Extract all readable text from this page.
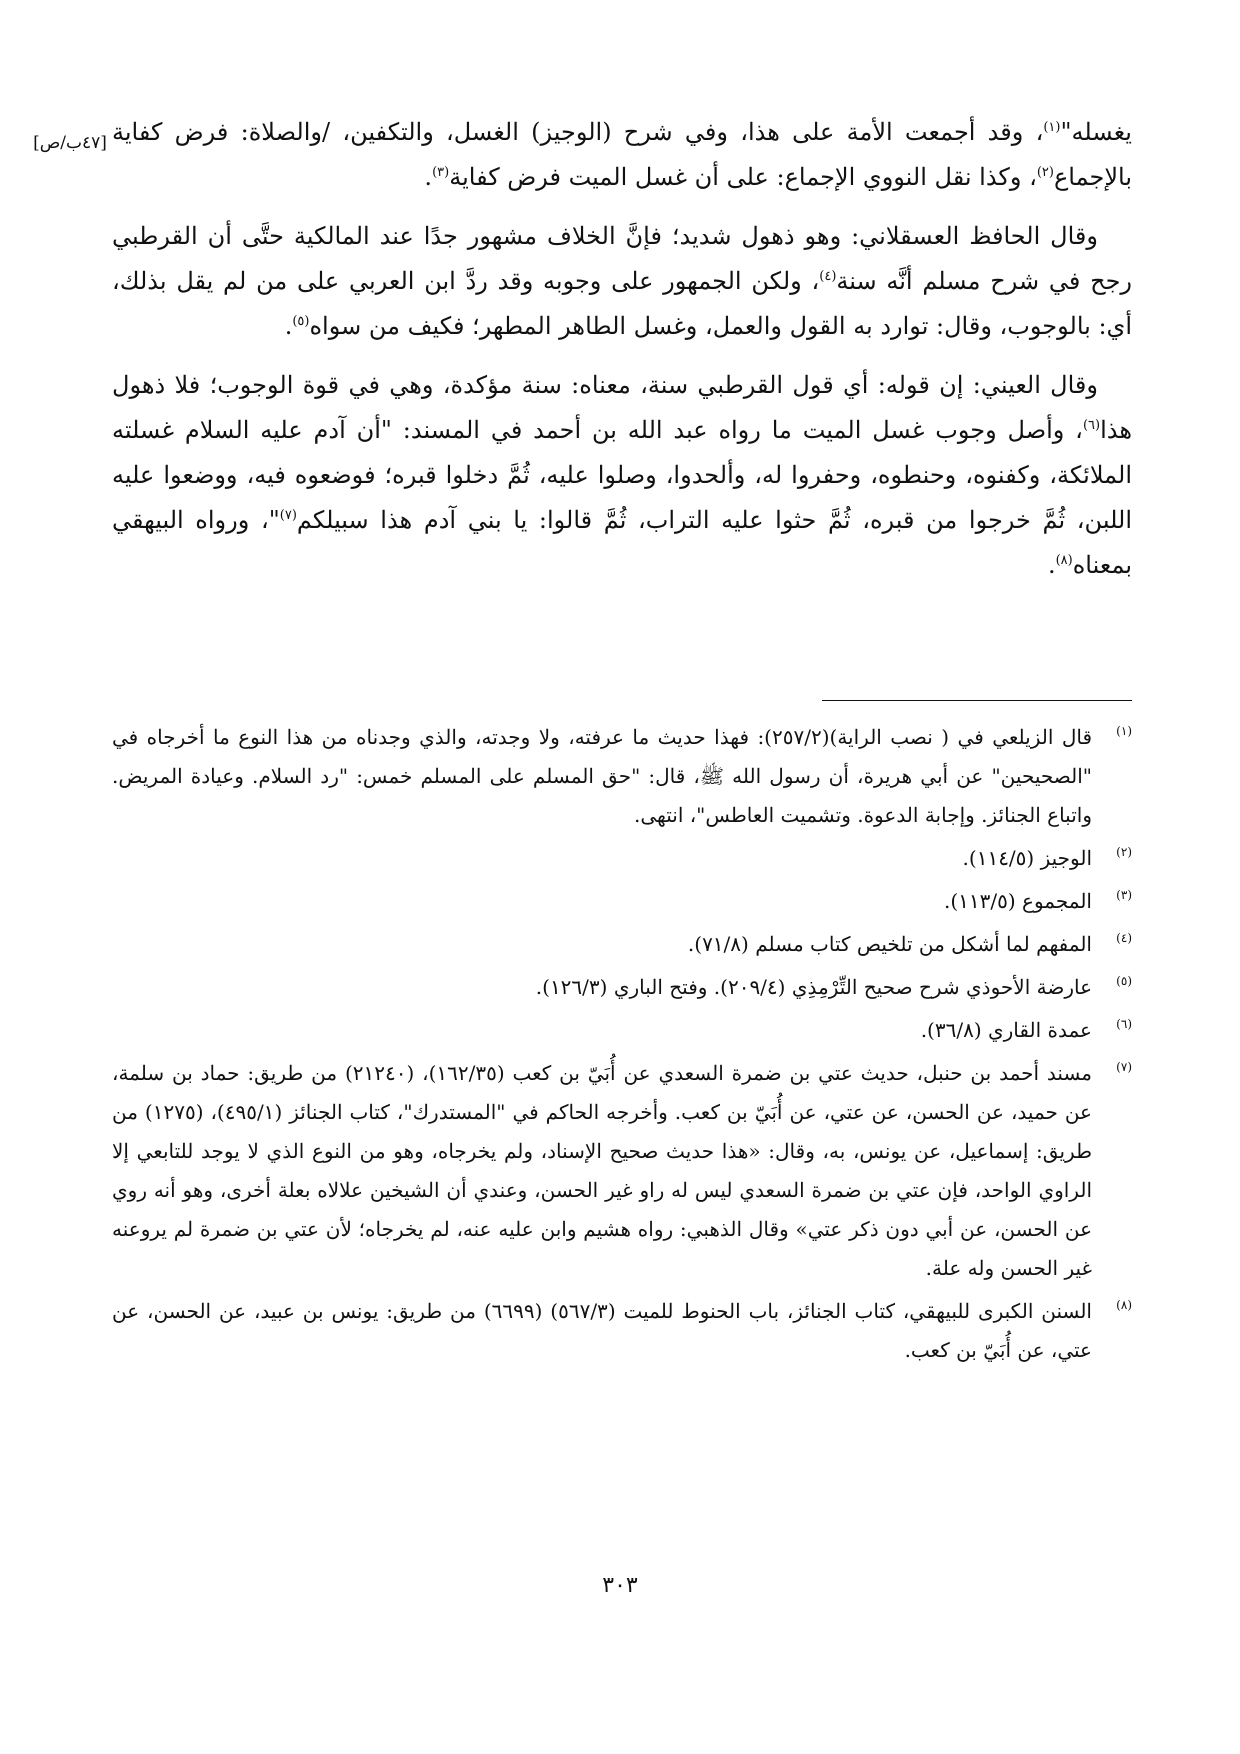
[٤٧ب/ص]	يغسله"$^{(١)}$، وقد أجمعت الأمة على هذا، وفي شرح (الوجيز) الغسل، والتكفين، /والصلاة: فرض كفاية بالإجماع$^{(٢)}$، وكذا نقل النووي الإجماع: على أن غسل الميت فرض كفاية$^{(٣)}$.

وقال الحافظ العسقلاني: وهو ذهول شديد؛ فإنَّ الخلاف مشهور جدًا عند المالكية حتَّى أن القرطبي رجح في شرح مسلم أنَّه سنة$^{(٤)}$، ولكن الجمهور على وجوبه وقد ردَّ ابن العربي على من لم يقل بذلك، أي: بالوجوب، وقال: توارد به القول والعمل، وغسل الطاهر المطهر؛ فكيف من سواه$^{(٥)}$.

وقال العيني: إن قوله: أي قول القرطبي سنة، معناه: سنة مؤكدة، وهي في قوة الوجوب؛ فلا ذهول هذا$^{(٦)}$، وأصل وجوب غسل الميت ما رواه عبد الله بن أحمد في المسند: "أن آدم عليه السلام غسلته الملائكة، وكفنوه، وحنطوه، وحفروا له، وألحدوا، وصلوا عليه، ثُمَّ دخلوا قبره؛ فوضعوه فيه، ووضعوا عليه اللبن، ثُمَّ خرجوا من قبره، ثُمَّ حثوا عليه التراب، ثُمَّ قالوا: يا بني آدم هذا سبيلكم$^{(٧)}$"، ورواه البيهقي بمعناه$^{(٨)}$.

(١)
قال الزيلعي في ( نصب الراية)(٢٥٧/٢): فهذا حديث ما عرفته، ولا وجدته، والذي وجدناه من هذا النوع ما أخرجاه في "الصحيحين" عن أبي هريرة، أن رسول الله ﷺ، قال: "حق المسلم على المسلم خمس: "رد السلام. وعيادة المريض. واتباع الجنائز. وإجابة الدعوة. وتشميت العاطس"، انتهى.
(٢)
الوجيز (١١٤/٥).
(٣)
المجموع (١١٣/٥).
(٤)
المفهم لما أشكل من تلخيص كتاب مسلم (٧١/٨).
(٥)
عارضة الأحوذي شرح صحيح التِّرْمِذِي (٢٠٩/٤). وفتح الباري (١٢٦/٣).
(٦)
عمدة القاري (٣٦/٨).
(٧)
مسند أحمد بن حنبل، حديث عتي بن ضمرة السعدي عن أُبَيّ بن كعب (١٦٢/٣٥)، (٢١٢٤٠) من طريق: حماد بن سلمة، عن حميد، عن الحسن، عن عتي، عن أُبَيّ بن كعب. وأخرجه الحاكم في "المستدرك"، كتاب الجنائز (٤٩٥/١)، (١٢٧٥) من طريق: إسماعيل، عن يونس، به، وقال: «هذا حديث صحيح الإسناد، ولم يخرجاه، وهو من النوع الذي لا يوجد للتابعي إلا الراوي الواحد، فإن عتي بن ضمرة السعدي ليس له راو غير الحسن، وعندي أن الشيخين علالاه بعلة أخرى، وهو أنه روي عن الحسن، عن أبي دون ذكر عتي» وقال الذهبي: رواه هشيم وابن عليه عنه، لم يخرجاه؛ لأن عتي بن ضمرة لم يروعنه غير الحسن وله علة.
(٨)
السنن الكبرى للبيهقي، كتاب الجنائز، باب الحنوط للميت (٥٦٧/٣) (٦٦٩٩) من طريق: يونس بن عبيد، عن الحسن، عن عتي، عن أُبَيّ بن كعب.
٣٠٣
